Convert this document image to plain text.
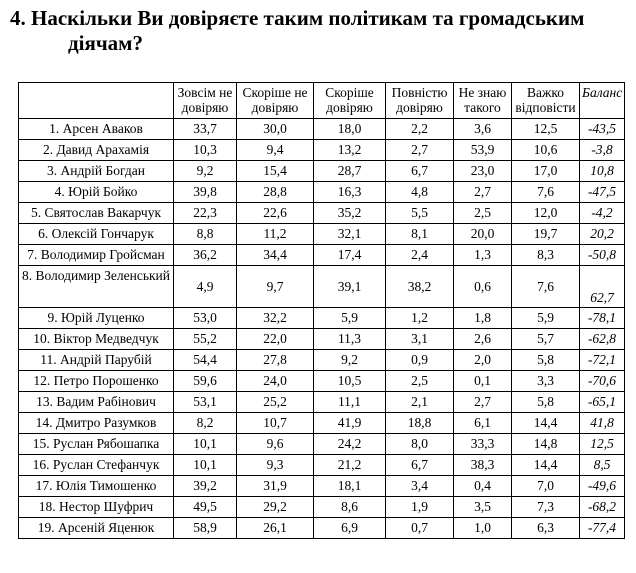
4. Наскільки Ви довіряєте таким політикам та громадським
діячам?
	Зовсім не довіряю	Скоріше не довіряю	Скоріше довіряю	Повністю довіряю	Не знаю такого	Важко відповісти	Баланс
1. Арсен Аваков	33,7	30,0	18,0	2,2	3,6	12,5	-43,5
2. Давид Арахамія	10,3	9,4	13,2	2,7	53,9	10,6	-3,8
3. Андрій Богдан	9,2	15,4	28,7	6,7	23,0	17,0	10,8
4. Юрій Бойко	39,8	28,8	16,3	4,8	2,7	7,6	-47,5
5. Святослав Вакарчук	22,3	22,6	35,2	5,5	2,5	12,0	-4,2
6. Олексій Гончарук	8,8	11,2	32,1	8,1	20,0	19,7	20,2
7. Володимир Гройсман	36,2	34,4	17,4	2,4	1,3	8,3	-50,8
8. Володимир Зеленський	4,9	9,7	39,1	38,2	0,6	7,6	62,7
9. Юрій Луценко	53,0	32,2	5,9	1,2	1,8	5,9	-78,1
10. Віктор Медведчук	55,2	22,0	11,3	3,1	2,6	5,7	-62,8
11. Андрій Парубій	54,4	27,8	9,2	0,9	2,0	5,8	-72,1
12. Петро Порошенко	59,6	24,0	10,5	2,5	0,1	3,3	-70,6
13. Вадим Рабінович	53,1	25,2	11,1	2,1	2,7	5,8	-65,1
14. Дмитро Разумков	8,2	10,7	41,9	18,8	6,1	14,4	41,8
15. Руслан Рябошапка	10,1	9,6	24,2	8,0	33,3	14,8	12,5
16. Руслан Стефанчук	10,1	9,3	21,2	6,7	38,3	14,4	8,5
17. Юлія Тимошенко	39,2	31,9	18,1	3,4	0,4	7,0	-49,6
18. Нестор Шуфрич	49,5	29,2	8,6	1,9	3,5	7,3	-68,2
19. Арсеній Яценюк	58,9	26,1	6,9	0,7	1,0	6,3	-77,4
